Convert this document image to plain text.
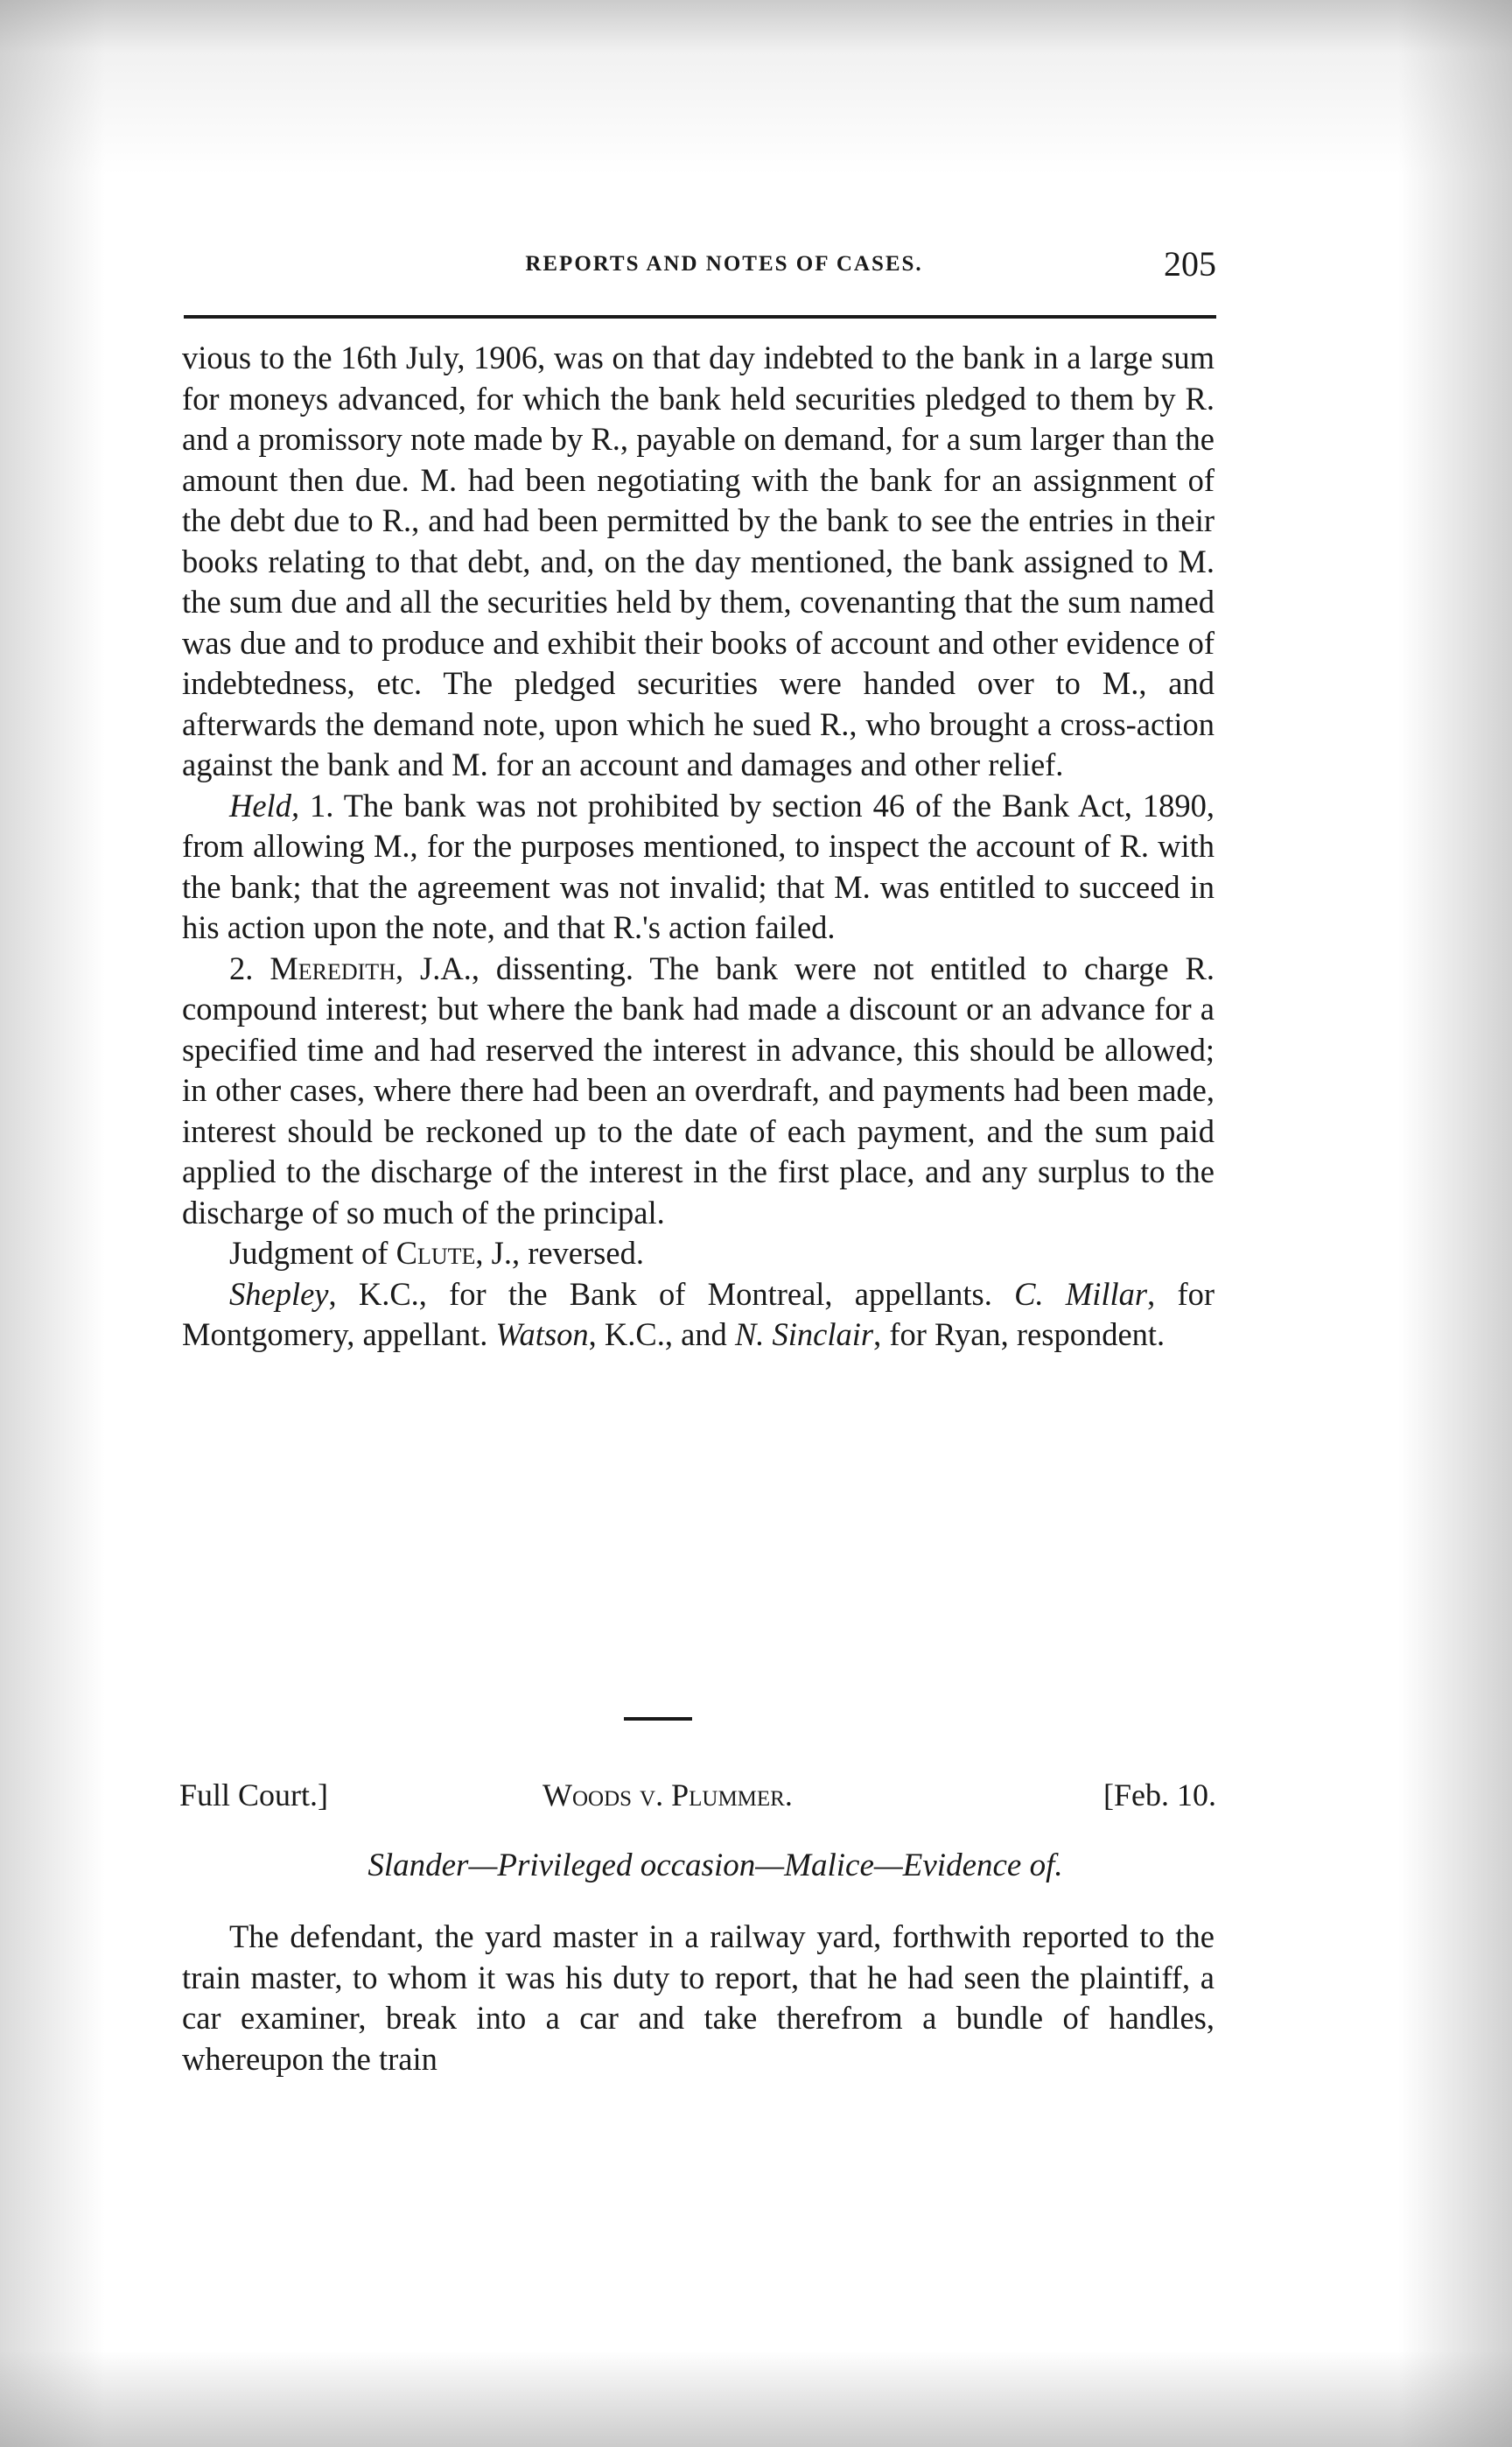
REPORTS AND NOTES OF CASES.	205

vious to the 16th July, 1906, was on that day indebted to the bank in a large sum for moneys advanced, for which the bank held securities pledged to them by R. and a promissory note made by R., payable on demand, for a sum larger than the amount then due. M. had been negotiating with the bank for an assignment of the debt due to R., and had been permitted by the bank to see the entries in their books relating to that debt, and, on the day mentioned, the bank assigned to M. the sum due and all the securities held by them, covenanting that the sum named was due and to produce and exhibit their books of account and other evidence of indebtedness, etc. The pledged securities were handed over to M., and afterwards the demand note, upon which he sued R., who brought a cross-action against the bank and M. for an account and damages and other relief.

Held, 1. The bank was not prohibited by section 46 of the Bank Act, 1890, from allowing M., for the purposes mentioned, to inspect the account of R. with the bank; that the agreement was not invalid; that M. was entitled to succeed in his action upon the note, and that R.'s action failed.

2. Meredith, J.A., dissenting. The bank were not entitled to charge R. compound interest; but where the bank had made a discount or an advance for a specified time and had reserved the interest in advance, this should be allowed; in other cases, where there had been an overdraft, and payments had been made, interest should be reckoned up to the date of each payment, and the sum paid applied to the discharge of the interest in the first place, and any surplus to the discharge of so much of the principal.

Judgment of Clute, J., reversed.

Shepley, K.C., for the Bank of Montreal, appellants. C. Millar, for Montgomery, appellant. Watson, K.C., and N. Sinclair, for Ryan, respondent.

Full Court.]	Woods v. Plummer.	[Feb. 10.
Slander—Privileged occasion—Malice—Evidence of.

The defendant, the yard master in a railway yard, forthwith reported to the train master, to whom it was his duty to report, that he had seen the plaintiff, a car examiner, break into a car and take therefrom a bundle of handles, whereupon the train
